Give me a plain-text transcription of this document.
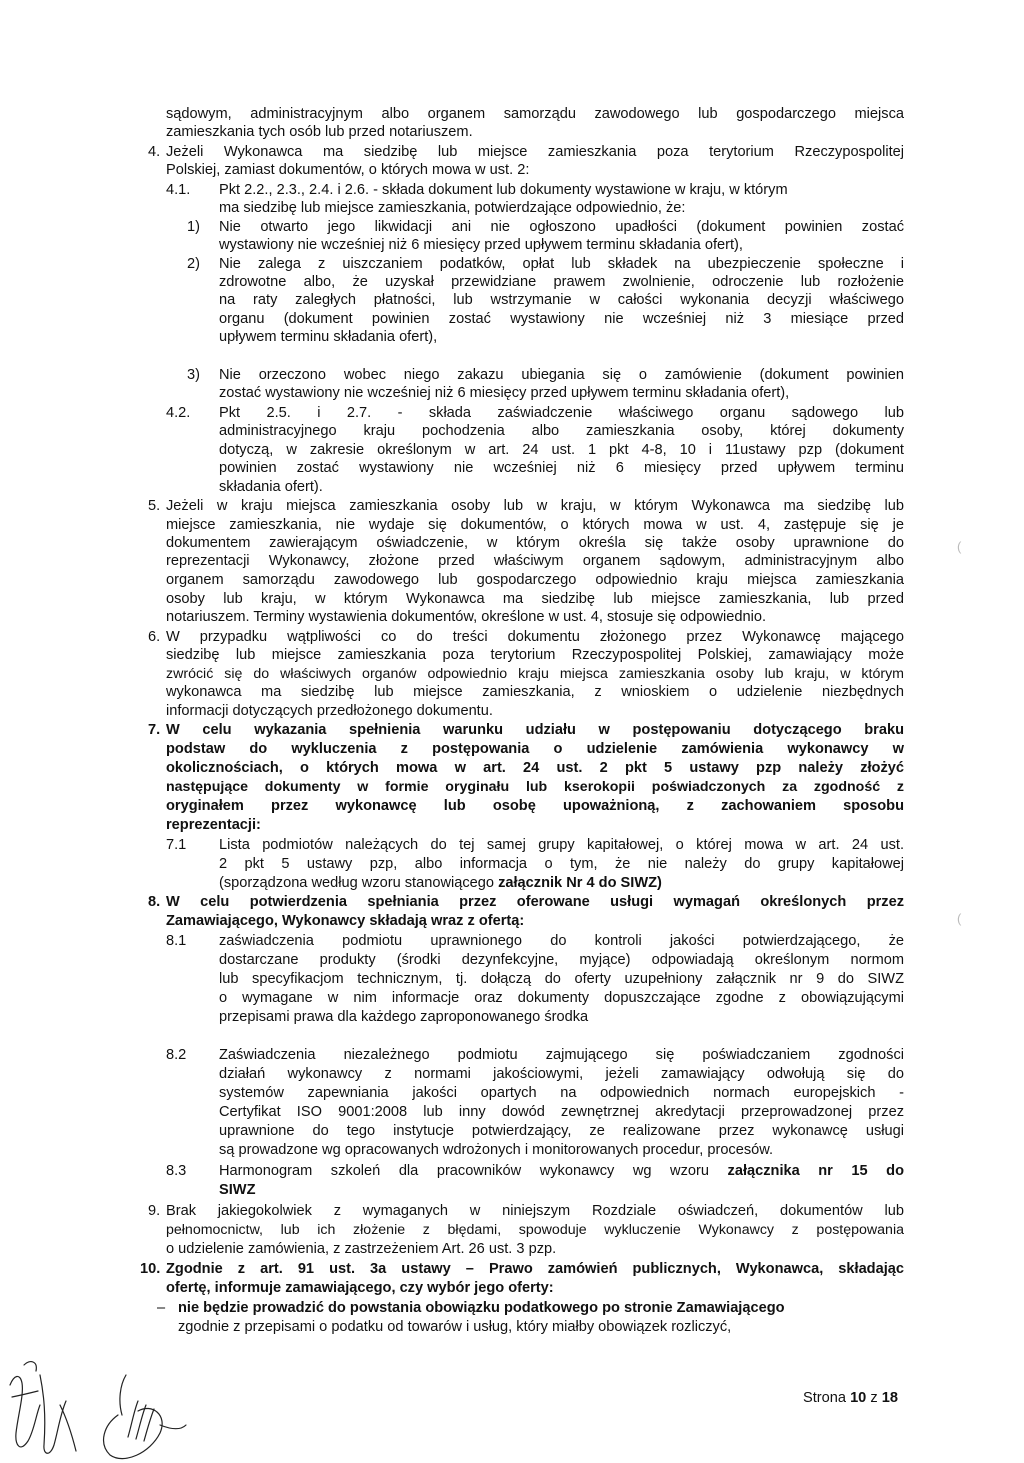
sądowym, administracyjnym albo organem samorządu zawodowego lub gospodarczego miejsca
zamieszkania tych osób lub przed notariuszem.
4. Jeżeli Wykonawca ma siedzibę lub miejsce zamieszkania poza terytorium Rzeczypospolitej
Polskiej, zamiast dokumentów, o których mowa w ust. 2:
4.1. Pkt 2.2., 2.3., 2.4. i 2.6. - składa dokument lub dokumenty wystawione w kraju, w którym
ma siedzibę lub miejsce zamieszkania, potwierdzające odpowiednio, że:
1) Nie otwarto jego likwidacji ani nie ogłoszono upadłości (dokument powinien zostać
wystawiony nie wcześniej niż 6 miesięcy przed upływem terminu składania ofert),
2) Nie zalega z uiszczaniem podatków, opłat lub składek na ubezpieczenie społeczne i
zdrowotne albo, że uzyskał przewidziane prawem zwolnienie, odroczenie lub rozłożenie
na raty zaległych płatności, lub wstrzymanie w całości wykonania decyzji właściwego
organu (dokument powinien zostać wystawiony nie wcześniej niż 3 miesiące przed
upływem terminu składania ofert),
3) Nie orzeczono wobec niego zakazu ubiegania się o zamówienie (dokument powinien
zostać wystawiony nie wcześniej niż 6 miesięcy przed upływem terminu składania ofert),
4.2. Pkt 2.5. i 2.7. - składa zaświadczenie właściwego organu sądowego lub
administracyjnego kraju pochodzenia albo zamieszkania osoby, której dokumenty
dotyczą, w zakresie określonym w art. 24 ust. 1 pkt 4-8, 10 i 11ustawy pzp (dokument
powinien zostać wystawiony nie wcześniej niż 6 miesięcy przed upływem terminu
składania ofert).
5. Jeżeli w kraju miejsca zamieszkania osoby lub w kraju, w którym Wykonawca ma siedzibę lub
miejsce zamieszkania, nie wydaje się dokumentów, o których mowa w ust. 4, zastępuje się je
dokumentem zawierającym oświadczenie, w którym określa się także osoby uprawnione do
reprezentacji Wykonawcy, złożone przed właściwym organem sądowym, administracyjnym albo
organem samorządu zawodowego lub gospodarczego odpowiednio kraju miejsca zamieszkania
osoby lub kraju, w którym Wykonawca ma siedzibę lub miejsce zamieszkania, lub przed
notariuszem. Terminy wystawienia dokumentów, określone w ust. 4, stosuje się odpowiednio.
6. W przypadku wątpliwości co do treści dokumentu złożonego przez Wykonawcę mającego
siedzibę lub miejsce zamieszkania poza terytorium Rzeczypospolitej Polskiej, zamawiający może
zwrócić się do właściwych organów odpowiednio kraju miejsca zamieszkania osoby lub kraju, w którym
wykonawca ma siedzibę lub miejsce zamieszkania, z wnioskiem o udzielenie niezbędnych
informacji dotyczących przedłożonego dokumentu.
7. W celu wykazania spełnienia warunku udziału w postępowaniu dotyczącego braku
podstaw do wykluczenia z postępowania o udzielenie zamówienia wykonawcy w
okolicznościach, o których mowa w art. 24 ust. 2 pkt 5 ustawy pzp należy złożyć
następujące dokumenty w formie oryginału lub kserokopii poświadczonych za zgodność z
oryginałem przez wykonawcę lub osobę upoważnioną, z zachowaniem sposobu
reprezentacji:
7.1 Lista podmiotów należących do tej samej grupy kapitałowej, o której mowa w art. 24 ust.
2 pkt 5 ustawy pzp, albo informacja o tym, że nie należy do grupy kapitałowej
(sporządzona według wzoru stanowiącego załącznik Nr 4 do SIWZ)
8. W celu potwierdzenia spełniania przez oferowane usługi wymagań określonych przez
Zamawiającego, Wykonawcy składają wraz z ofertą:
8.1 zaświadczenia podmiotu uprawnionego do kontroli jakości potwierdzającego, że
dostarczane produkty (środki dezynfekcyjne, myjące) odpowiadają określonym normom
lub specyfikacjom technicznym, tj. dołączą do oferty uzupełniony załącznik nr 9 do SIWZ
o wymagane w nim informacje oraz dokumenty dopuszczające zgodne z obowiązującymi
przepisami prawa dla każdego zaproponowanego środka
8.2 Zaświadczenia niezależnego podmiotu zajmującego się poświadczaniem zgodności
działań wykonawcy z normami jakościowymi, jeżeli zamawiający odwołują się do
systemów zapewniania jakości opartych na odpowiednich normach europejskich -
Certyfikat ISO 9001:2008 lub inny dowód zewnętrznej akredytacji przeprowadzonej przez
uprawnione do tego instytucje potwierdzający, ze realizowane przez wykonawcę usługi
są prowadzone wg opracowanych wdrożonych i monitorowanych procedur, procesów.
8.3 Harmonogram szkoleń dla pracowników wykonawcy wg wzoru załącznika nr 15 do
SIWZ
9. Brak jakiegokolwiek z wymaganych w niniejszym Rozdziale oświadczeń, dokumentów lub
pełnomocnictw, lub ich złożenie z błędami, spowoduje wykluczenie Wykonawcy z postępowania
o udzielenie zamówienia, z zastrzeżeniem Art. 26 ust. 3 pzp.
10. Zgodnie z art. 91 ust. 3a ustawy – Prawo zamówień publicznych, Wykonawca, składając
ofertę, informuje zamawiającego, czy wybór jego oferty:
– nie będzie prowadzić do powstania obowiązku podatkowego po stronie Zamawiającego
zgodnie z przepisami o podatku od towarów i usług, który miałby obowiązek rozliczyć,
Strona 10 z 18
(
(
